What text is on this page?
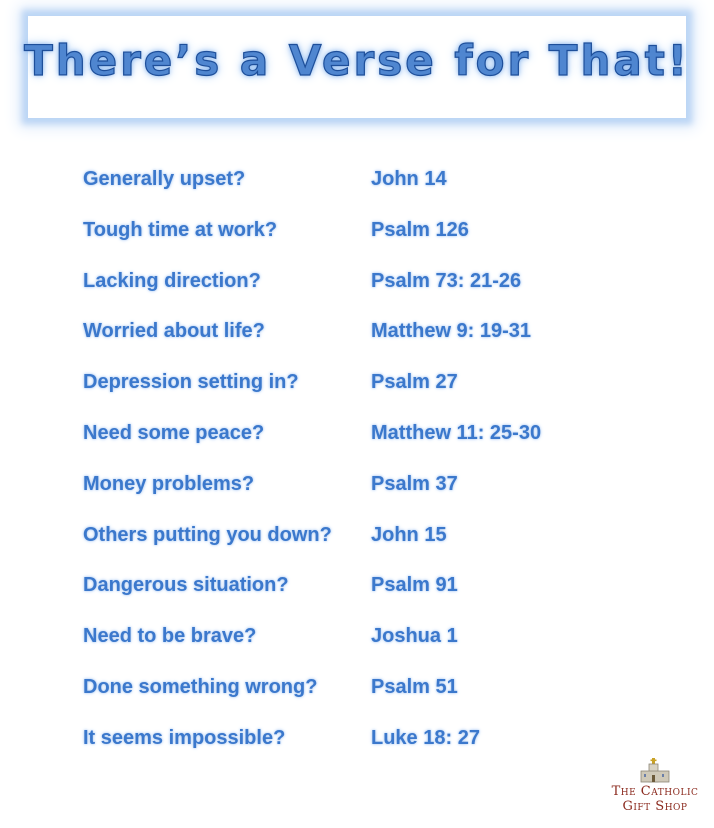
There’s a Verse for That!
Generally upset?	John 14
Tough time at work?	Psalm 126
Lacking direction?	Psalm 73: 21-26
Worried about life?	Matthew 9: 19-31
Depression setting in?	Psalm 27
Need some peace?	Matthew 11: 25-30
Money problems?	Psalm 37
Others putting you down? John 15
Dangerous situation?	Psalm 91
Need to be brave?	Joshua 1
Done something wrong?	Psalm 51
It seems impossible?	Luke 18: 27
The Catholic
Gift Shop
